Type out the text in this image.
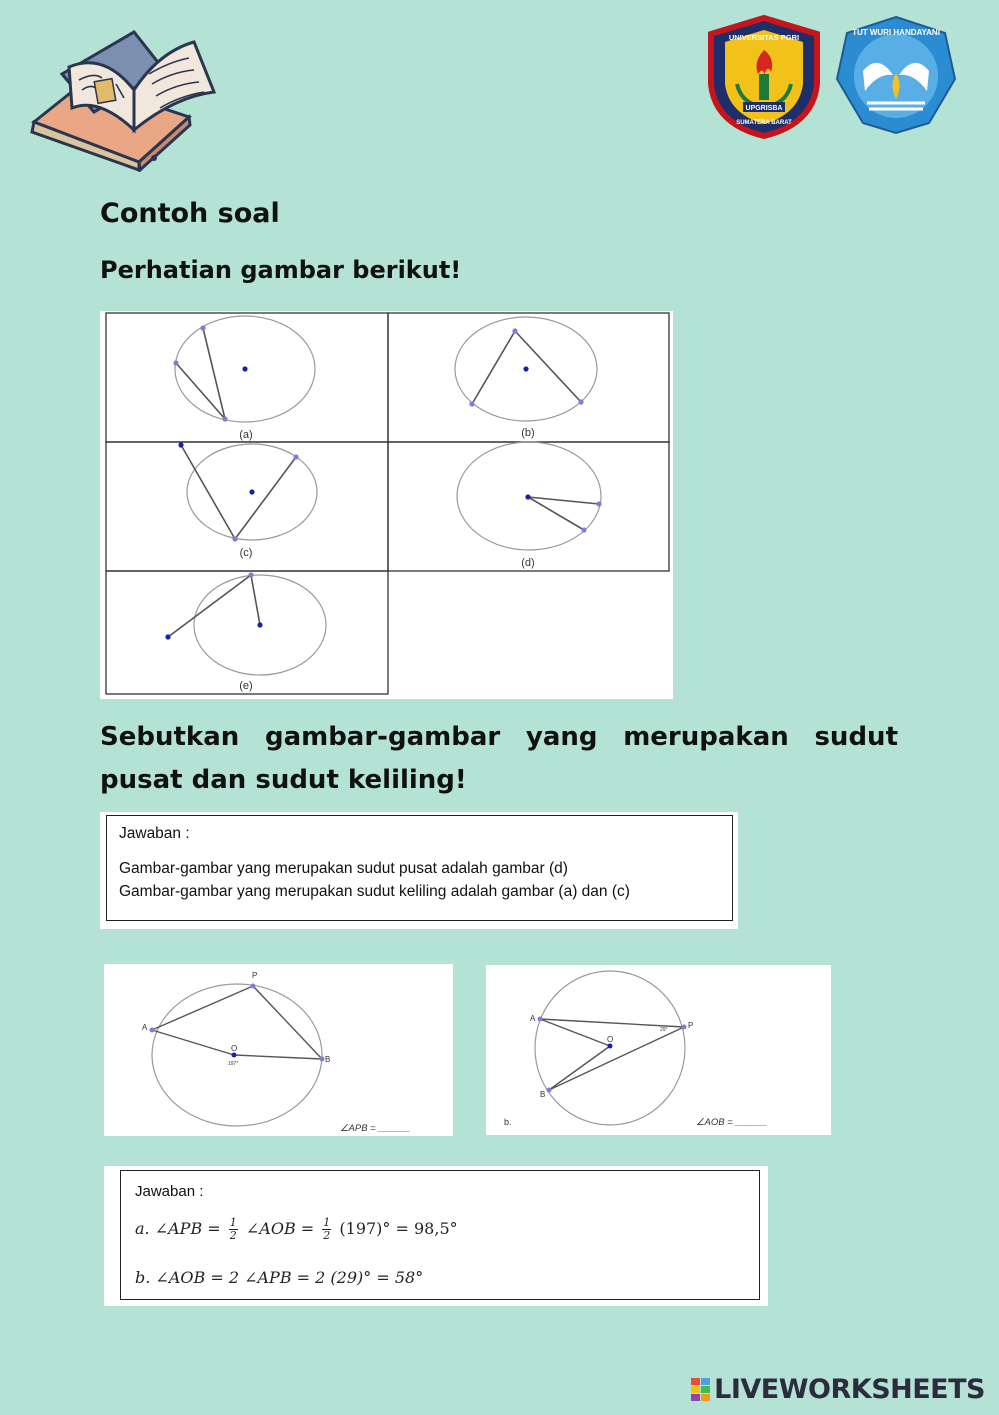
UPGRISBA
UNIVERSITAS PGRI
SUMATERA BARAT
TUT WURI HANDAYANI
Contoh soal
Perhatian gambar berikut!
(a)	(b)
(c)
(d)
(e)
Sebutkan gambar-gambar yang merupakan sudut pusat dan sudut keliling!
Jawaban :
Gambar-gambar yang merupakan sudut pusat adalah gambar (d)
Gambar-gambar yang merupakan sudut keliling adalah gambar (a) dan (c)
P
A
O
B
197°
∠APB = ______
A
P
O
B
29°
b.	∠AOB = ______
Jawaban :
a. ∠APB = $\frac{1}{2}$ ∠AOB = $\frac{1}{2} (197)^\circ = 98,5^\circ$
b. ∠AOB = 2 ∠APB = 2 (29)° = 58°
LIVEWORKSHEETS
